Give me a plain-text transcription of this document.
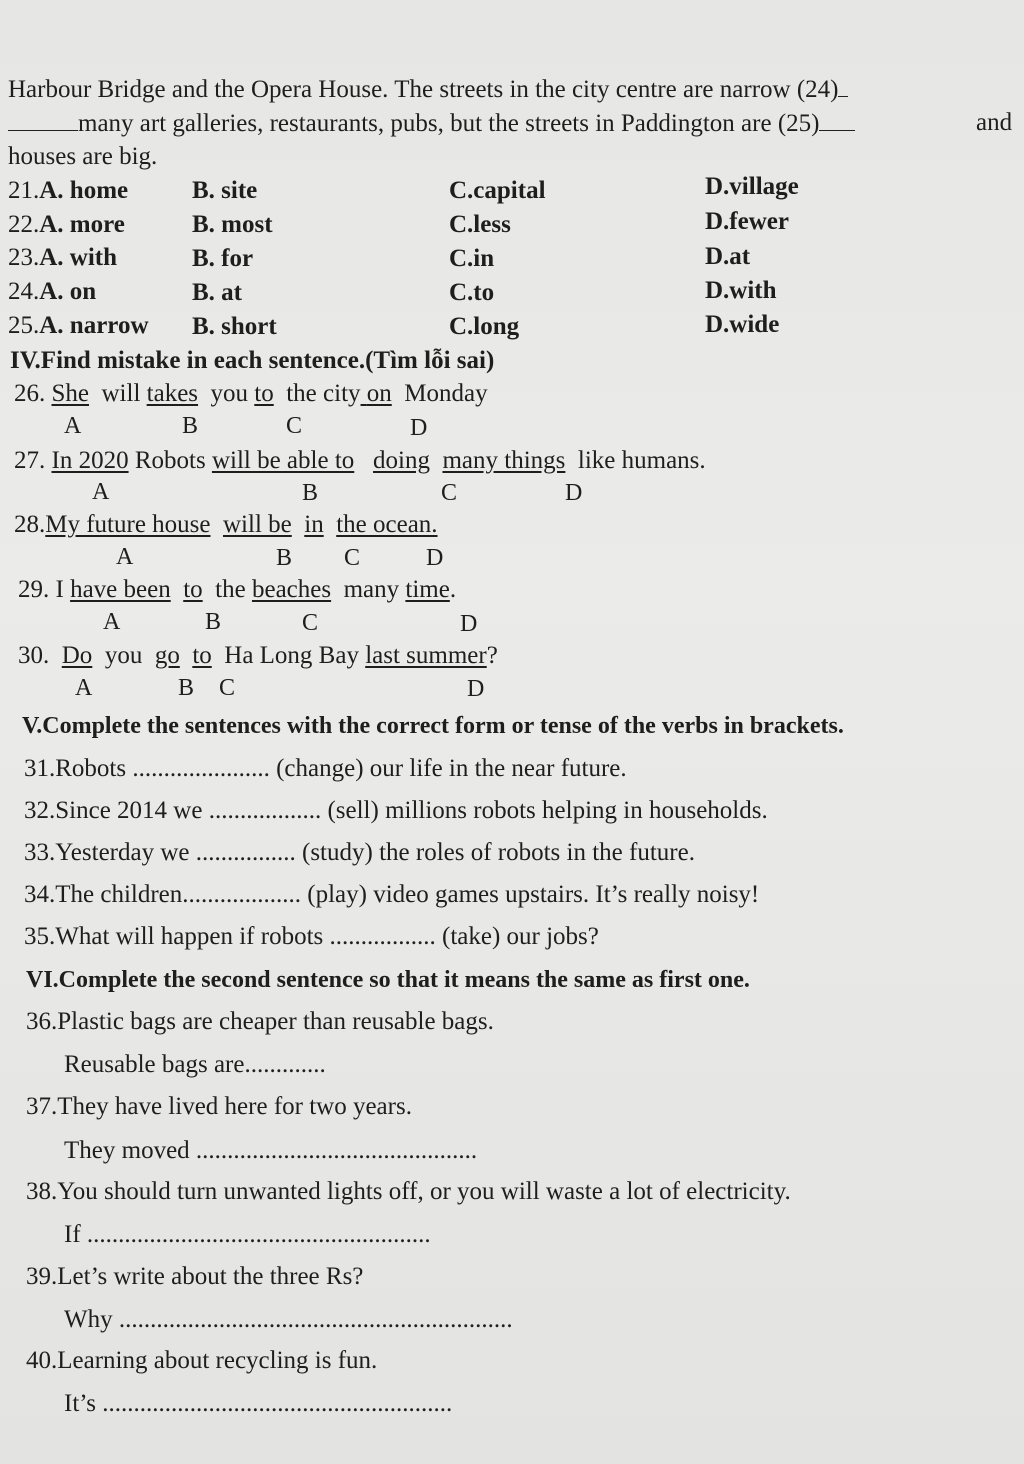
Harbour Bridge and the Opera House. The streets in the city centre are narrow (24)
many art galleries, restaurants, pubs, but the streets in Paddington are (25)	and
houses are big.
21.A. home	B. site	C.capital	D.village
22.A. more	B. most	C.less	D.fewer
23.A. with	B. for	C.in	D.at
24.A. on	B. at	C.to	D.with
25.A. narrow B. short	C.long	D.wide
IV.Find mistake in each sentence.(Tìm lỗi sai)
26. She will takes you to the city on Monday
A	B	C	D
27. In 2020 Robots will be able to doing many things like humans.
A	B	C	D
28.My future house will be in the ocean.
A	B C	D
29. I have been to the beaches many time.
A	B	C	D
30. Do you go to Ha Long Bay last summer?
A	B C	D
V.Complete the sentences with the correct form or tense of the verbs in brackets.
31.Robots ...................... (change) our life in the near future.
32.Since 2014 we .................. (sell) millions robots helping in households.
33.Yesterday we ................ (study) the roles of robots in the future.
34.The children................... (play) video games upstairs. It’s really noisy!
35.What will happen if robots ................. (take) our jobs?
VI.Complete the second sentence so that it means the same as first one.
36.Plastic bags are cheaper than reusable bags.
Reusable bags are.............
37.They have lived here for two years.
They moved .............................................
38.You should turn unwanted lights off, or you will waste a lot of electricity.
If .......................................................
39.Let’s write about the three Rs?
Why ...............................................................
40.Learning about recycling is fun.
It’s ........................................................
